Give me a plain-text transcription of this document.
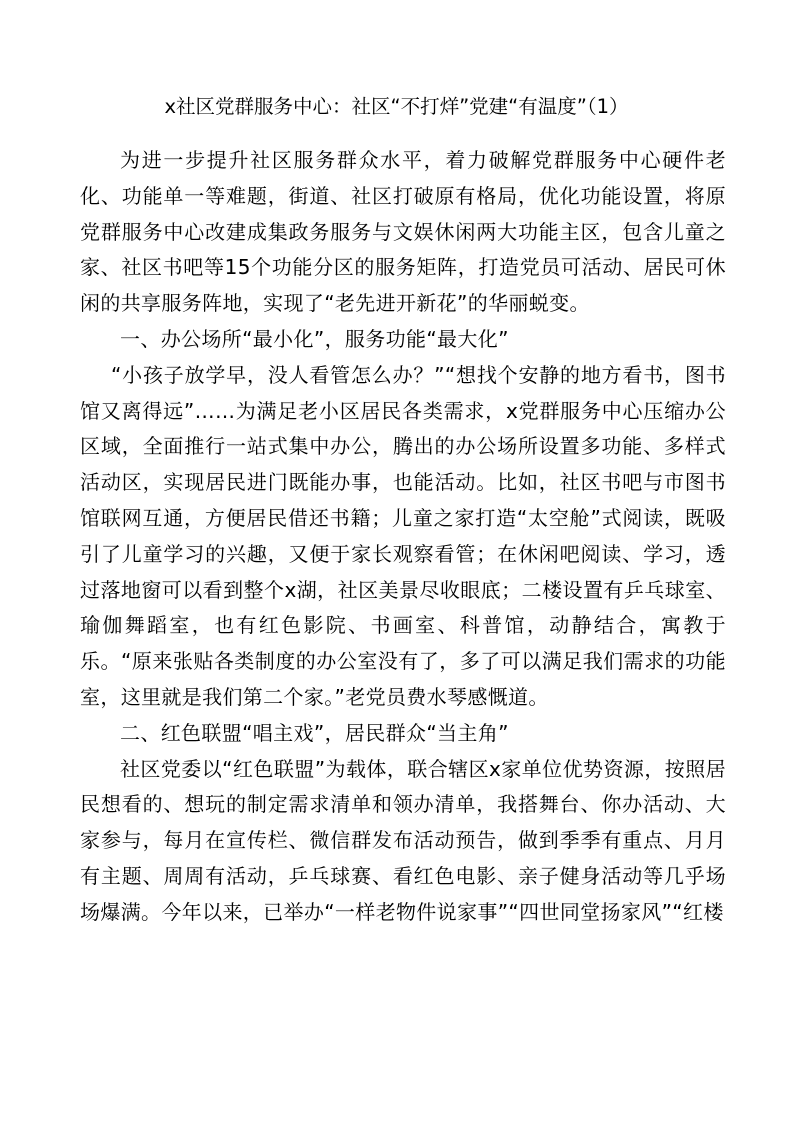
x社区党群服务中心：社区“不打烊”党建“有温度”（1）

为进一步提升社区服务群众水平，着力破解党群服务中心硬件老化、功能单一等难题，街道、社区打破原有格局，优化功能设置，将原党群服务中心改建成集政务服务与文娱休闲两大功能主区，包含儿童之家、社区书吧等15个功能分区的服务矩阵，打造党员可活动、居民可休闲的共享服务阵地，实现了“老先进开新花”的华丽蜕变。

一、办公场所“最小化”，服务功能“最大化”

“小孩子放学早，没人看管怎么办？”“想找个安静的地方看书，图书馆又离得远”……为满足老小区居民各类需求，x党群服务中心压缩办公区域，全面推行一站式集中办公，腾出的办公场所设置多功能、多样式活动区，实现居民进门既能办事，也能活动。比如，社区书吧与市图书馆联网互通，方便居民借还书籍；儿童之家打造“太空舱”式阅读，既吸引了儿童学习的兴趣，又便于家长观察看管；在休闲吧阅读、学习，透过落地窗可以看到整个x湖，社区美景尽收眼底；二楼设置有乒乓球室、瑜伽舞蹈室，也有红色影院、书画室、科普馆，动静结合，寓教于乐。“原来张贴各类制度的办公室没有了，多了可以满足我们需求的功能室，这里就是我们第二个家。”老党员费水琴感慨道。

二、红色联盟“唱主戏”，居民群众“当主角”

社区党委以“红色联盟”为载体，联合辖区x家单位优势资源，按照居民想看的、想玩的制定需求清单和领办清单，我搭舞台、你办活动、大家参与，每月在宣传栏、微信群发布活动预告，做到季季有重点、月月有主题、周周有活动，乒乓球赛、看红色电影、亲子健身活动等几乎场场爆满。今年以来，已举办“一样老物件说家事”“四世同堂扬家风”“红楼
